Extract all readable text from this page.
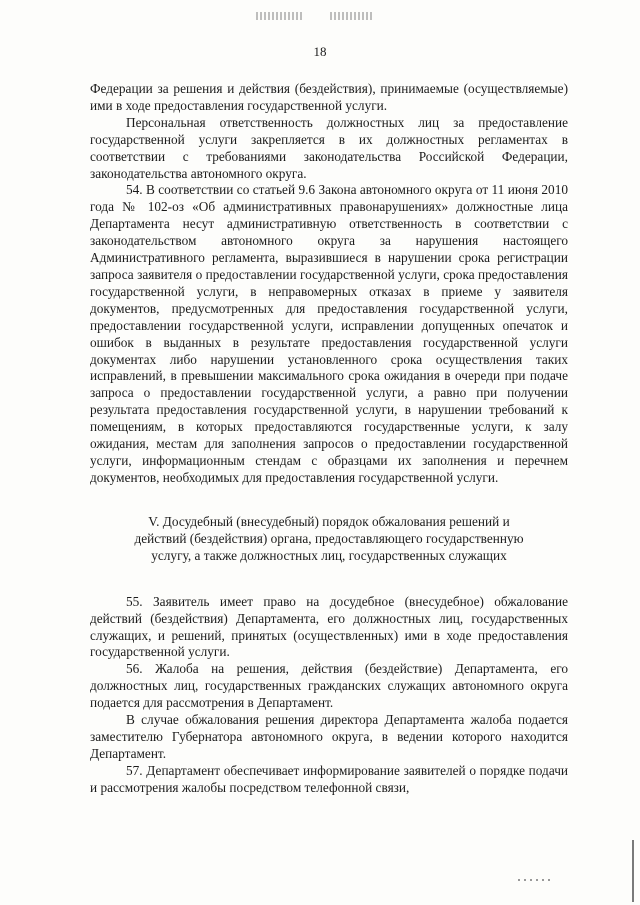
18

Федерации за решения и действия (бездействия), принимаемые (осуществляемые) ими в ходе предоставления государственной услуги.

Персональная ответственность должностных лиц за предоставление государственной услуги закрепляется в их должностных регламентах в соответствии с требованиями законодательства Российской Федерации, законодательства автономного округа.

54. В соответствии со статьей 9.6 Закона автономного округа от 11 июня 2010 года № 102-оз «Об административных правонарушениях» должностные лица Департамента несут административную ответственность в соответствии с законодательством автономного округа за нарушения настоящего Административного регламента, выразившиеся в нарушении срока регистрации запроса заявителя о предоставлении государственной услуги, срока предоставления государственной услуги, в неправомерных отказах в приеме у заявителя документов, предусмотренных для предоставления государственной услуги, предоставлении государственной услуги, исправлении допущенных опечаток и ошибок в выданных в результате предоставления государственной услуги документах либо нарушении установленного срока осуществления таких исправлений, в превышении максимального срока ожидания в очереди при подаче запроса о предоставлении государственной услуги, а равно при получении результата предоставления государственной услуги, в нарушении требований к помещениям, в которых предоставляются государственные услуги, к залу ожидания, местам для заполнения запросов о предоставлении государственной услуги, информационным стендам с образцами их заполнения и перечнем документов, необходимых для предоставления государственной услуги.

V. Досудебный (внесудебный) порядок обжалования решений и
действий (бездействия) органа, предоставляющего государственную
услугу, а также должностных лиц, государственных служащих

55. Заявитель имеет право на досудебное (внесудебное) обжалование действий (бездействия) Департамента, его должностных лиц, государственных служащих, и решений, принятых (осуществленных) ими в ходе предоставления государственной услуги.

56. Жалоба на решения, действия (бездействие) Департамента, его должностных лиц, государственных гражданских служащих автономного округа подается для рассмотрения в Департамент.

В случае обжалования решения директора Департамента жалоба подается заместителю Губернатора автономного округа, в ведении которого находится Департамент.

57. Департамент обеспечивает информирование заявителей о порядке подачи и рассмотрения жалобы посредством телефонной связи,
